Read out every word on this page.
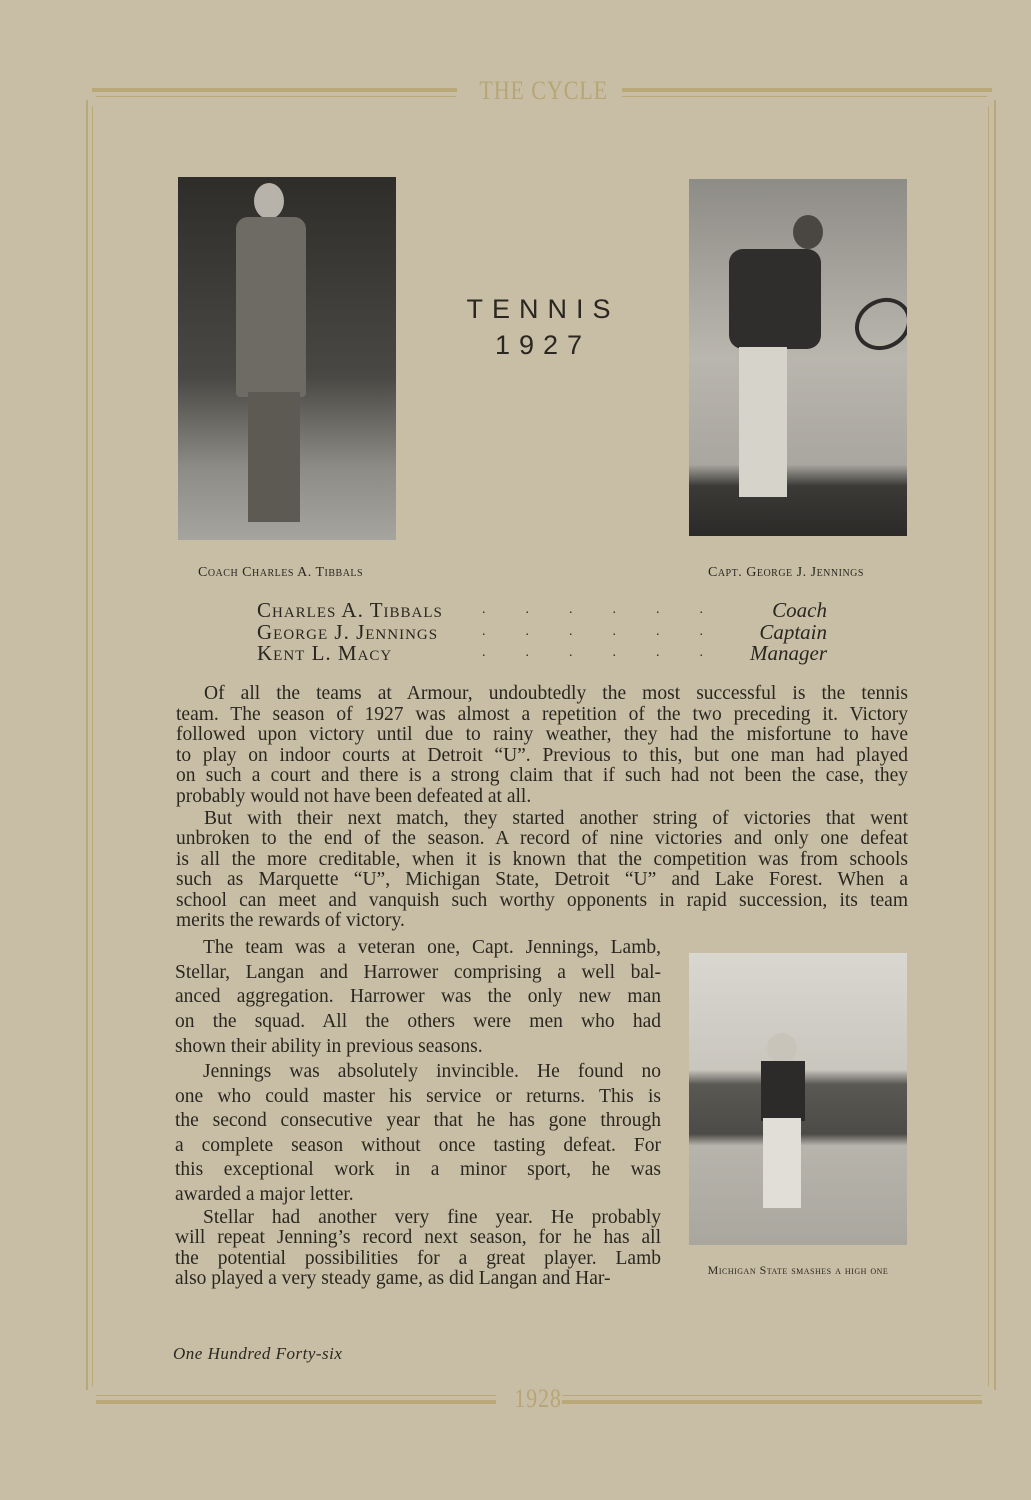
THE CYCLE
1928
Coach Charles A. Tibbals	Capt. George J. Jennings
Michigan State smashes a high one
TENNIS
1927
Charles A. Tibbals	...... Coach
George J. Jennings	...... Captain
Kent L. Macy	...... Manager
Of all the teams at Armour, undoubtedly the most successful is the tennis
team. The season of 1927 was almost a repetition of the two preceding it. Victory
followed upon victory until due to rainy weather, they had the misfortune to have
to play on indoor courts at Detroit “U”. Previous to this, but one man had played
on such a court and there is a strong claim that if such had not been the case, they
probably would not have been defeated at all.
But with their next match, they started another string of victories that went
unbroken to the end of the season. A record of nine victories and only one defeat
is all the more creditable, when it is known that the competition was from schools
such as Marquette “U”, Michigan State, Detroit “U” and Lake Forest. When a
school can meet and vanquish such worthy opponents in rapid succession, its team
merits the rewards of victory.
The team was a veteran one, Capt. Jennings, Lamb,
Stellar, Langan and Harrower comprising a well bal-
anced aggregation. Harrower was the only new man
on the squad. All the others were men who had
shown their ability in previous seasons.
Jennings was absolutely invincible. He found no
one who could master his service or returns. This is
the second consecutive year that he has gone through
a complete season without once tasting defeat. For
this exceptional work in a minor sport, he was
awarded a major letter.
Stellar had another very fine year. He probably
will repeat Jenning’s record next season, for he has all
the potential possibilities for a great player. Lamb
also played a very steady game, as did Langan and Har-
One Hundred Forty-six
